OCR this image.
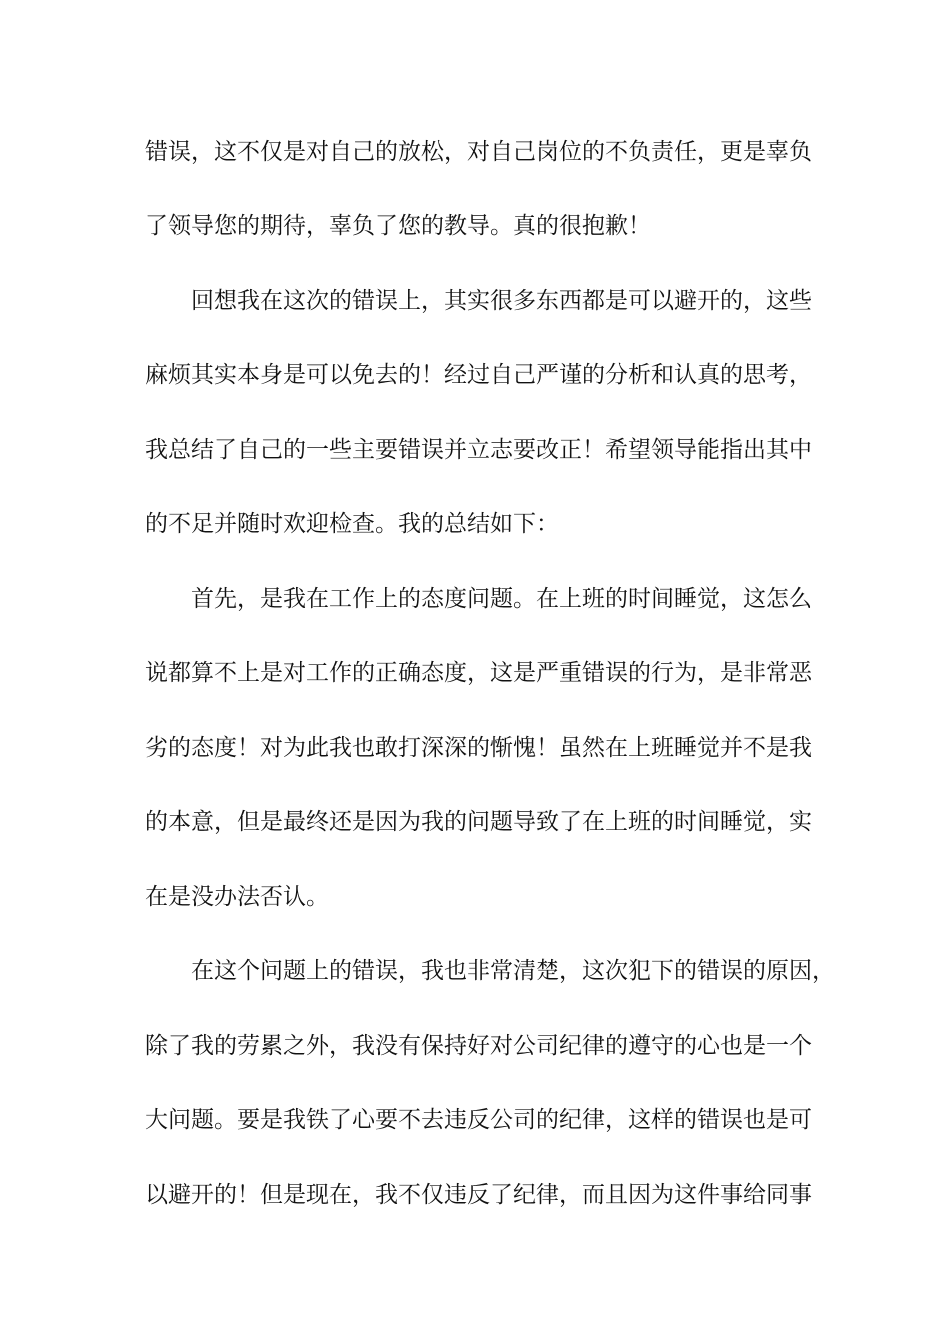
错误，这不仅是对自己的放松，对自己岗位的不负责任，更是辜负

了领导您的期待，辜负了您的教导。真的很抱歉！

回想我在这次的错误上，其实很多东西都是可以避开的，这些

麻烦其实本身是可以免去的！经过自己严谨的分析和认真的思考，

我总结了自己的一些主要错误并立志要改正！希望领导能指出其中

的不足并随时欢迎检查。我的总结如下：

首先，是我在工作上的态度问题。在上班的时间睡觉，这怎么

说都算不上是对工作的正确态度，这是严重错误的行为，是非常恶

劣的态度！对为此我也敢打深深的惭愧！虽然在上班睡觉并不是我

的本意，但是最终还是因为我的问题导致了在上班的时间睡觉，实

在是没办法否认。

在这个问题上的错误，我也非常清楚，这次犯下的错误的原因，

除了我的劳累之外，我没有保持好对公司纪律的遵守的心也是一个

大问题。要是我铁了心要不去违反公司的纪律，这样的错误也是可

以避开的！但是现在，我不仅违反了纪律，而且因为这件事给同事
